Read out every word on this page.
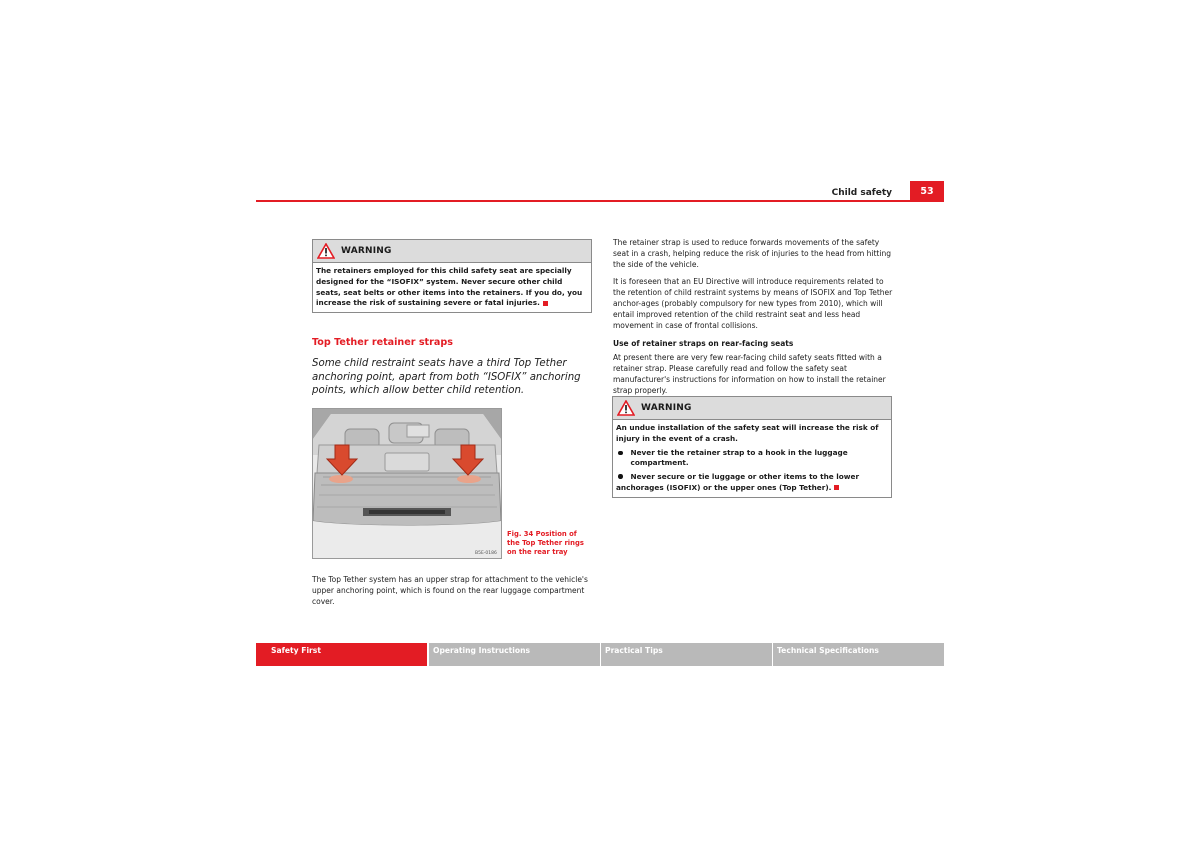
Child safety	53
WARNING
The retainers employed for this child safety seat are specially designed for the “ISOFIX” system. Never secure other child seats, seat belts or other items into the retainers. If you do, you increase the risk of sustaining severe or fatal injuries.
Top Tether retainer straps
Some child restraint seats have a third Top Tether anchoring point, apart from both “ISOFIX” anchoring points, which allow better child retention.
B5E-0186
Fig. 34 Position of the Top Tether rings on the rear tray
The Top Tether system has an upper strap for attachment to the vehicle's upper anchoring point, which is found on the rear luggage compartment cover.
The retainer strap is used to reduce forwards movements of the safety seat in a crash, helping reduce the risk of injuries to the head from hitting the side of the vehicle.
It is foreseen that an EU Directive will introduce requirements related to the retention of child restraint systems by means of ISOFIX and Top Tether anchor-ages (probably compulsory for new types from 2010), which will entail improved retention of the child restraint seat and less head movement in case of frontal collisions.
Use of retainer straps on rear-facing seats
At present there are very few rear-facing child safety seats fitted with a retainer strap. Please carefully read and follow the safety seat manufacturer's instructions for information on how to install the retainer strap properly.
WARNING
An undue installation of the safety seat will increase the risk of injury in the event of a crash.
Never tie the retainer strap to a hook in the luggage compartment.
Never secure or tie luggage or other items to the lower anchorages (ISOFIX) or the upper ones (Top Tether).
Safety First	Operating Instructions	Practical Tips	Technical Specifications
